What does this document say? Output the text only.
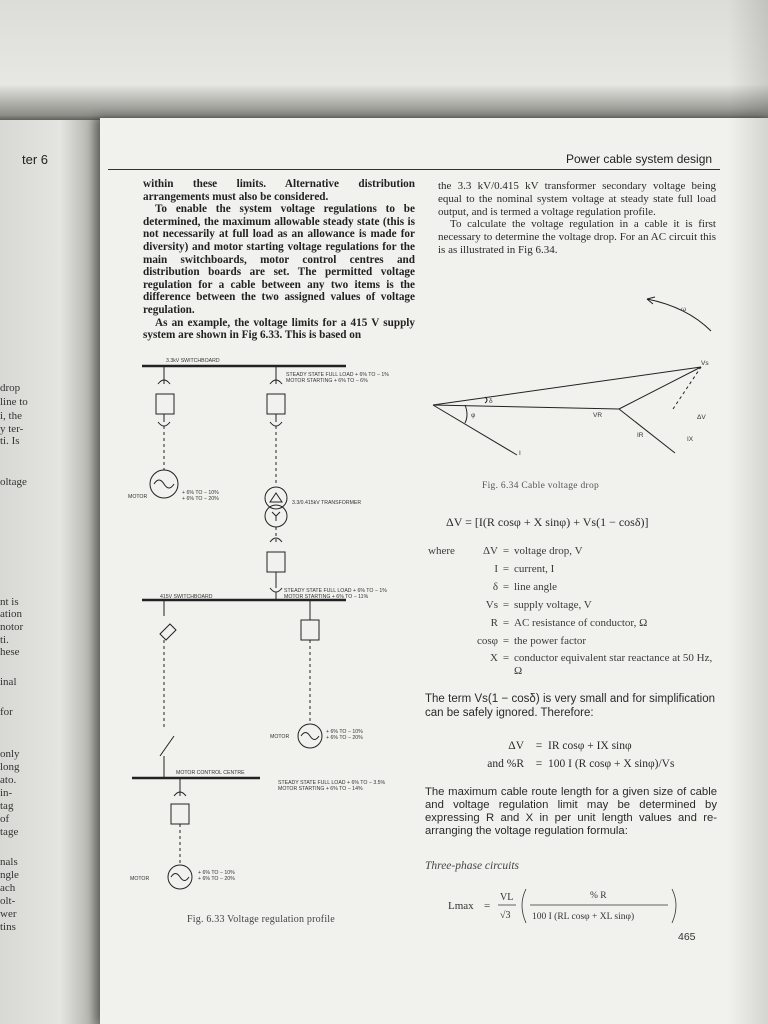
drop
line to
i, the
y ter-
ti. Is
oltage
nt is
ation
notor
ti.
hese
inal
for
only
long
ato.
in-
tag
of
tage
nals
ngle
ach
olt-
wer
tins
ter 6	Power cable system design

within these limits. Alternative distribution arrangements must also be considered.

To enable the system voltage regulations to be determined, the maximum allowable steady state (this is not necessarily at full load as an allowance is made for diversity) and motor starting voltage regulations for the main switchboards, motor control centres and distribution boards are set. The permitted voltage regulation for a cable between any two items is the difference between the two assigned values of voltage regulation.

As an example, the voltage limits for a 415 V supply system are shown in Fig 6.33. This is based on

the 3.3 kV/0.415 kV transformer secondary voltage being equal to the nominal system voltage at steady state full load output, and is termed a voltage regulation profile.

To calculate the voltage regulation in a cable it is first necessary to determine the voltage drop. For an AC circuit this is as illustrated in Fig 6.34.

3.3kV SWITCHBOARD
STEADY STATE FULL LOAD + 6% TO − 1%
MOTOR STARTING + 6% TO − 6%
MOTOR
+ 6% TO − 10%
+ 6% TO − 20%
3.3/0.415kV TRANSFORMER
STEADY STATE FULL LOAD + 6% TO − 1%
MOTOR STARTING + 6% TO − 11%
415V SWITCHBOARD
MOTOR
+ 6% TO − 10%
+ 6% TO − 20%
MOTOR CONTROL CENTRE
STEADY STATE FULL LOAD + 6% TO − 3.5%
MOTOR STARTING + 6% TO − 14%
MOTOR
+ 6% TO − 10%
+ 6% TO − 20%
Fig. 6.33 Voltage regulation profile
Vs
VR	ΔV
IR
IX
I
φ
δ
ω
Fig. 6.34 Cable voltage drop
ΔV = [I(R cosφ + X sinφ) + Vs(1 − cosδ)]
where	ΔV = voltage drop, V
I = current, I
δ = line angle
Vs = supply voltage, V
R = AC resistance of conductor, Ω
cosφ = the power factor
X = conductor equivalent star reactance at 50 Hz, Ω
The term Vs(1 − cosδ) is very small and for simplification can be safely ignored. Therefore:
ΔV	= IR cosφ + IX sinφ
and %R	= 100 I (R cosφ + X sinφ)/Vs
The maximum cable route length for a given size of cable and voltage regulation limit may be determined by expressing R and X in per unit length values and re-arranging the voltage regulation formula:
Three-phase circuits
Lmax =
VL
√3
% R
100 I (RL cosφ + XL sinφ)
465
